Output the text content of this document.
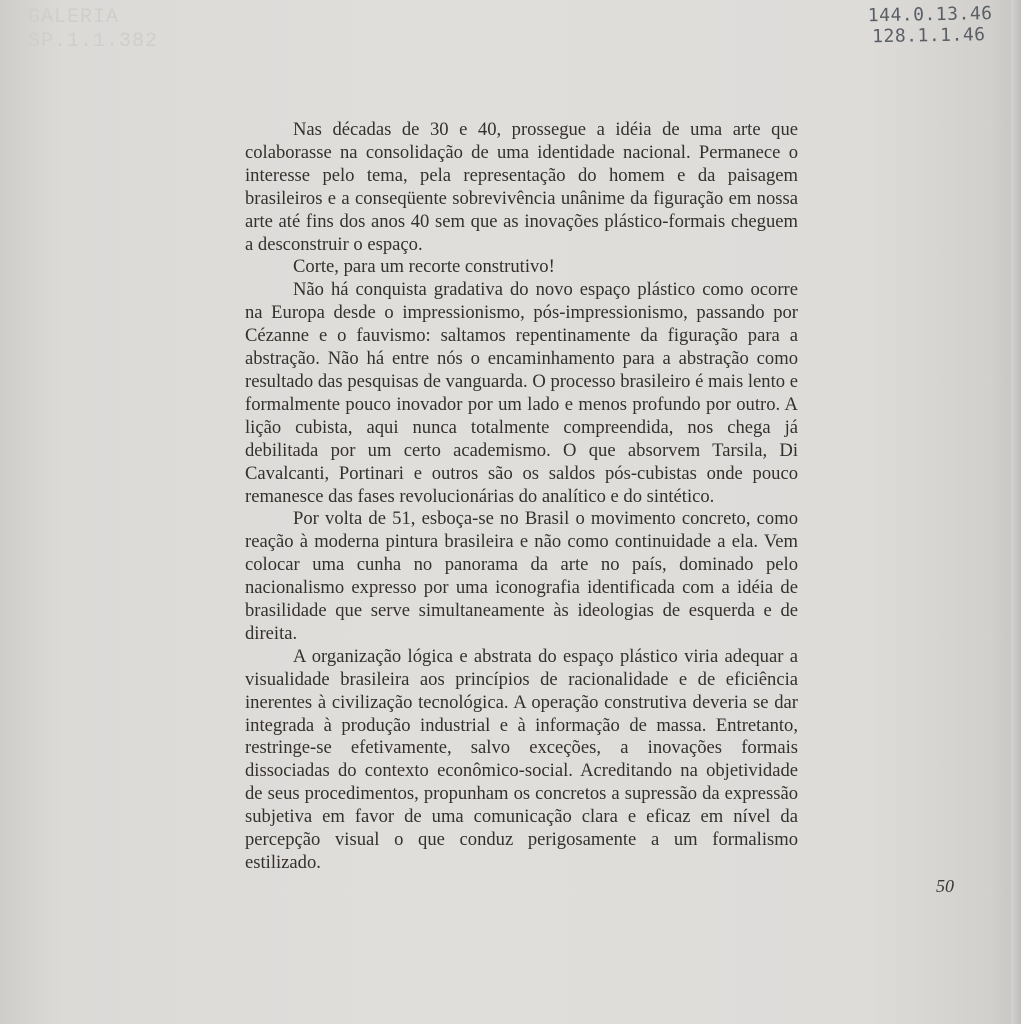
GALERIA
SP.1.1.382
144.0.13.46
128.1.1.46

Nas décadas de 30 e 40, prossegue a idéia de uma arte que colaborasse na consolidação de uma identidade nacional. Permanece o interesse pelo tema, pela representação do homem e da paisagem brasileiros e a conseqüente sobrevivência unânime da figuração em nossa arte até fins dos anos 40 sem que as inovações plástico-formais cheguem a desconstruir o espaço.

Corte, para um recorte construtivo!

Não há conquista gradativa do novo espaço plástico como ocorre na Europa desde o impressionismo, pós-impressionismo, passando por Cézanne e o fauvismo: saltamos repentinamente da figuração para a abstração. Não há entre nós o encaminhamento para a abstração como resultado das pesquisas de vanguarda. O processo brasileiro é mais lento e formalmente pouco inovador por um lado e menos profundo por outro. A lição cubista, aqui nunca totalmente compreendida, nos chega já debilitada por um certo academismo. O que absorvem Tarsila, Di Cavalcanti, Portinari e outros são os saldos pós-cubistas onde pouco remanesce das fases revolucionárias do analítico e do sintético.

Por volta de 51, esboça-se no Brasil o movimento concreto, como reação à moderna pintura brasileira e não como continuidade a ela. Vem colocar uma cunha no panorama da arte no país, dominado pelo nacionalismo expresso por uma iconografia identificada com a idéia de brasilidade que serve simultaneamente às ideologias de esquerda e de direita.

A organização lógica e abstrata do espaço plástico viria adequar a visualidade brasileira aos princípios de racionalidade e de eficiência inerentes à civilização tecnológica. A operação construtiva deveria se dar integrada à produção industrial e à informação de massa. Entretanto, restringe-se efetivamente, salvo exceções, a inovações formais dissociadas do contexto econômico-social. Acreditando na objetividade de seus procedimentos, propunham os concretos a supressão da expressão subjetiva em favor de uma comunicação clara e eficaz em nível da percepção visual o que conduz perigosamente a um formalismo estilizado.

50
